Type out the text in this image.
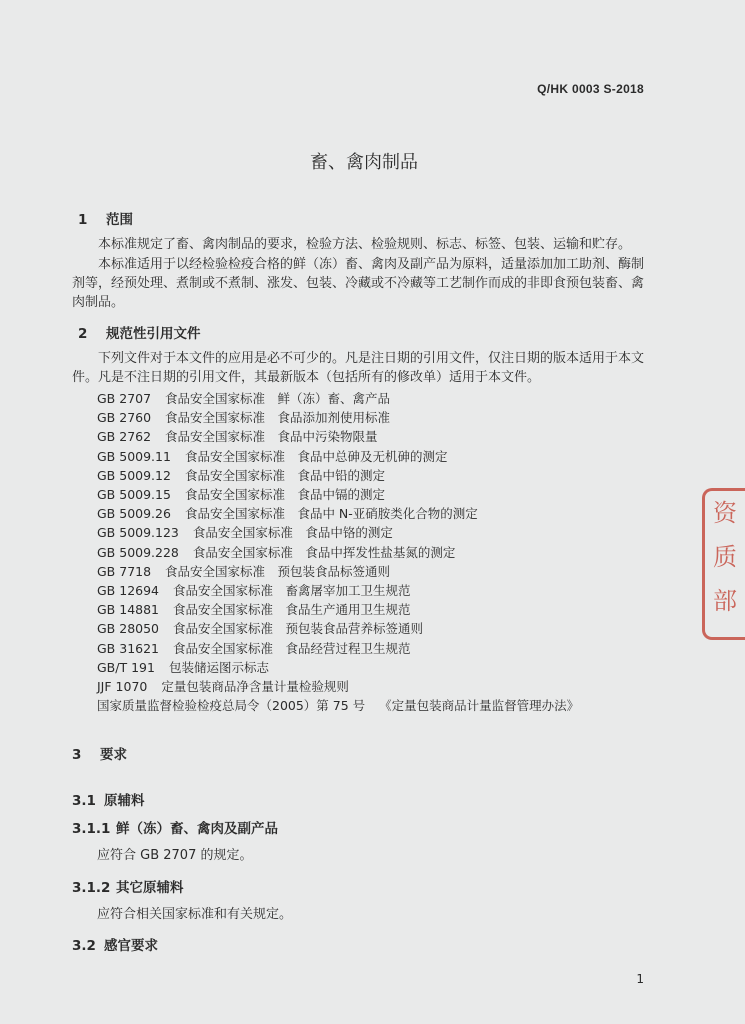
Q/HK 0003 S-2018
畜、禽肉制品
1 范围
本标准规定了畜、禽肉制品的要求，检验方法、检验规则、标志、标签、包装、运输和贮存。
本标准适用于以经检验检疫合格的鲜（冻）畜、禽肉及副产品为原料，适量添加加工助剂、酶制剂等，经预处理、煮制或不煮制、涨发、包装、冷藏或不冷藏等工艺制作而成的非即食预包装畜、禽肉制品。
2 规范性引用文件
下列文件对于本文件的应用是必不可少的。凡是注日期的引用文件，仅注日期的版本适用于本文件。凡是不注日期的引用文件，其最新版本（包括所有的修改单）适用于本文件。
GB 2707 食品安全国家标准　鲜（冻）畜、禽产品
GB 2760 食品安全国家标准　食品添加剂使用标准
GB 2762 食品安全国家标准　食品中污染物限量
GB 5009.11 食品安全国家标准　食品中总砷及无机砷的测定
GB 5009.12 食品安全国家标准　食品中铅的测定
GB 5009.15 食品安全国家标准　食品中镉的测定
GB 5009.26 食品安全国家标准　食品中 N-亚硝胺类化合物的测定
GB 5009.123 食品安全国家标准　食品中铬的测定
GB 5009.228 食品安全国家标准　食品中挥发性盐基氮的测定
GB 7718 食品安全国家标准　预包装食品标签通则
GB 12694 食品安全国家标准　畜禽屠宰加工卫生规范
GB 14881 食品安全国家标准　食品生产通用卫生规范
GB 28050 食品安全国家标准　预包装食品营养标签通则
GB 31621 食品安全国家标准　食品经营过程卫生规范
GB/T 191 包装储运图示标志
JJF 1070 定量包装商品净含量计量检验规则
国家质量监督检验检疫总局令（2005）第 75 号 《定量包装商品计量监督管理办法》
3 要求
3.1 原辅料
3.1.1 鲜（冻）畜、禽肉及副产品
应符合 GB 2707 的规定。
3.1.2 其它原辅料
应符合相关国家标准和有关规定。
3.2 感官要求
1
资
质
部
